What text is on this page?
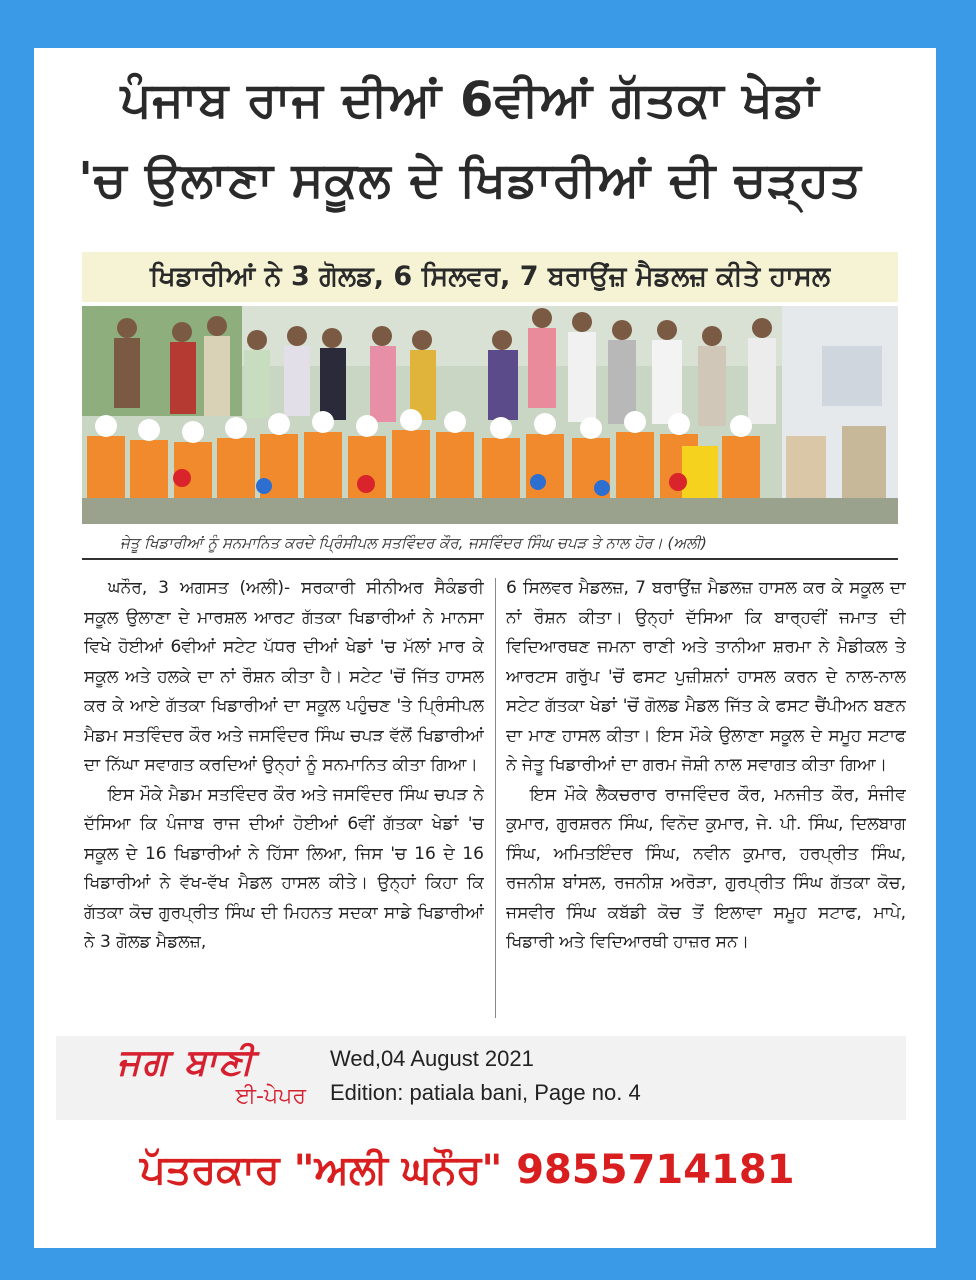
ਪੰਜਾਬ ਰਾਜ ਦੀਆਂ 6ਵੀਆਂ ਗੱਤਕਾ ਖੇਡਾਂ
'ਚ ਉਲਾਣਾ ਸਕੂਲ ਦੇ ਖਿਡਾਰੀਆਂ ਦੀ ਚੜ੍ਹਤ
ਖਿਡਾਰੀਆਂ ਨੇ 3 ਗੋਲਡ, 6 ਸਿਲਵਰ, 7 ਬਰਾਉਂਜ਼ ਮੈਡਲਜ਼ ਕੀਤੇ ਹਾਸਲ
ਜੇਤੂ ਖਿਡਾਰੀਆਂ ਨੂੰ ਸਨਮਾਨਿਤ ਕਰਦੇ ਪ੍ਰਿੰਸੀਪਲ ਸਤਵਿੰਦਰ ਕੌਰ, ਜਸਵਿੰਦਰ ਸਿੰਘ ਚਪੜ ਤੇ ਨਾਲ ਹੋਰ। (ਅਲੀ)

ਘਨੌਰ, 3 ਅਗਸਤ (ਅਲੀ)- ਸਰਕਾਰੀ ਸੀਨੀਅਰ ਸੈਕੰਡਰੀ ਸਕੂਲ ਉਲਾਣਾ ਦੇ ਮਾਰਸ਼ਲ ਆਰਟ ਗੱਤਕਾ ਖਿਡਾਰੀਆਂ ਨੇ ਮਾਨਸਾ ਵਿਖੇ ਹੋਈਆਂ 6ਵੀਆਂ ਸਟੇਟ ਪੱਧਰ ਦੀਆਂ ਖੇਡਾਂ 'ਚ ਮੱਲਾਂ ਮਾਰ ਕੇ ਸਕੂਲ ਅਤੇ ਹਲਕੇ ਦਾ ਨਾਂ ਰੌਸ਼ਨ ਕੀਤਾ ਹੈ। ਸਟੇਟ 'ਚੋਂ ਜਿੱਤ ਹਾਸਲ ਕਰ ਕੇ ਆਏ ਗੱਤਕਾ ਖਿਡਾਰੀਆਂ ਦਾ ਸਕੂਲ ਪਹੁੰਚਣ 'ਤੇ ਪ੍ਰਿੰਸੀਪਲ ਮੈਡਮ ਸਤਵਿੰਦਰ ਕੌਰ ਅਤੇ ਜਸਵਿੰਦਰ ਸਿੰਘ ਚਪੜ ਵੱਲੋਂ ਖਿਡਾਰੀਆਂ ਦਾ ਨਿੱਘਾ ਸਵਾਗਤ ਕਰਦਿਆਂ ਉਨ੍ਹਾਂ ਨੂੰ ਸਨਮਾਨਿਤ ਕੀਤਾ ਗਿਆ।

ਇਸ ਮੌਕੇ ਮੈਡਮ ਸਤਵਿੰਦਰ ਕੌਰ ਅਤੇ ਜਸਵਿੰਦਰ ਸਿੰਘ ਚਪੜ ਨੇ ਦੱਸਿਆ ਕਿ ਪੰਜਾਬ ਰਾਜ ਦੀਆਂ ਹੋਈਆਂ 6ਵੀਂ ਗੱਤਕਾ ਖੇਡਾਂ 'ਚ ਸਕੂਲ ਦੇ 16 ਖਿਡਾਰੀਆਂ ਨੇ ਹਿੱਸਾ ਲਿਆ, ਜਿਸ 'ਚ 16 ਦੇ 16 ਖਿਡਾਰੀਆਂ ਨੇ ਵੱਖ-ਵੱਖ ਮੈਡਲ ਹਾਸਲ ਕੀਤੇ। ਉਨ੍ਹਾਂ ਕਿਹਾ ਕਿ ਗੱਤਕਾ ਕੋਚ ਗੁਰਪ੍ਰੀਤ ਸਿੰਘ ਦੀ ਮਿਹਨਤ ਸਦਕਾ ਸਾਡੇ ਖਿਡਾਰੀਆਂ ਨੇ 3 ਗੋਲਡ ਮੈਡਲਜ਼,

6 ਸਿਲਵਰ ਮੈਡਲਜ਼, 7 ਬਰਾਉਂਜ਼ ਮੈਡਲਜ਼ ਹਾਸਲ ਕਰ ਕੇ ਸਕੂਲ ਦਾ ਨਾਂ ਰੌਸ਼ਨ ਕੀਤਾ। ਉਨ੍ਹਾਂ ਦੱਸਿਆ ਕਿ ਬਾਰ੍ਹਵੀਂ ਜਮਾਤ ਦੀ ਵਿਦਿਆਰਥਣ ਜਮਨਾ ਰਾਣੀ ਅਤੇ ਤਾਨੀਆ ਸ਼ਰਮਾ ਨੇ ਮੈਡੀਕਲ ਤੇ ਆਰਟਸ ਗਰੁੱਪ 'ਚੋਂ ਫਸਟ ਪੁਜ਼ੀਸ਼ਨਾਂ ਹਾਸਲ ਕਰਨ ਦੇ ਨਾਲ-ਨਾਲ ਸਟੇਟ ਗੱਤਕਾ ਖੇਡਾਂ 'ਚੋਂ ਗੋਲਡ ਮੈਡਲ ਜਿੱਤ ਕੇ ਫਸਟ ਚੈਂਪੀਅਨ ਬਣਨ ਦਾ ਮਾਣ ਹਾਸਲ ਕੀਤਾ। ਇਸ ਮੌਕੇ ਉਲਾਣਾ ਸਕੂਲ ਦੇ ਸਮੂਹ ਸਟਾਫ ਨੇ ਜੇਤੂ ਖਿਡਾਰੀਆਂ ਦਾ ਗਰਮ ਜੋਸ਼ੀ ਨਾਲ ਸਵਾਗਤ ਕੀਤਾ ਗਿਆ।

ਇਸ ਮੌਕੇ ਲੈਕਚਰਾਰ ਰਾਜਵਿੰਦਰ ਕੌਰ, ਮਨਜੀਤ ਕੌਰ, ਸੰਜੀਵ ਕੁਮਾਰ, ਗੁਰਸ਼ਰਨ ਸਿੰਘ, ਵਿਨੋਦ ਕੁਮਾਰ, ਜੇ. ਪੀ. ਸਿੰਘ, ਦਿਲਬਾਗ ਸਿੰਘ, ਅਮਿਤਇੰਦਰ ਸਿੰਘ, ਨਵੀਨ ਕੁਮਾਰ, ਹਰਪ੍ਰੀਤ ਸਿੰਘ, ਰਜਨੀਸ਼ ਬਾਂਸਲ, ਰਜਨੀਸ਼ ਅਰੋੜਾ, ਗੁਰਪ੍ਰੀਤ ਸਿੰਘ ਗੱਤਕਾ ਕੋਚ, ਜਸਵੀਰ ਸਿੰਘ ਕਬੱਡੀ ਕੋਚ ਤੋਂ ਇਲਾਵਾ ਸਮੂਹ ਸਟਾਫ, ਮਾਪੇ, ਖਿਡਾਰੀ ਅਤੇ ਵਿਦਿਆਰਥੀ ਹਾਜ਼ਰ ਸਨ।

ਜਗ ਬਾਣੀ
ਈ-ਪੇਪਰ
Wed,04 August 2021
Edition: patiala bani, Page no. 4
ਪੱਤਰਕਾਰ "ਅਲੀ ਘਨੌਰ" 9855714181
